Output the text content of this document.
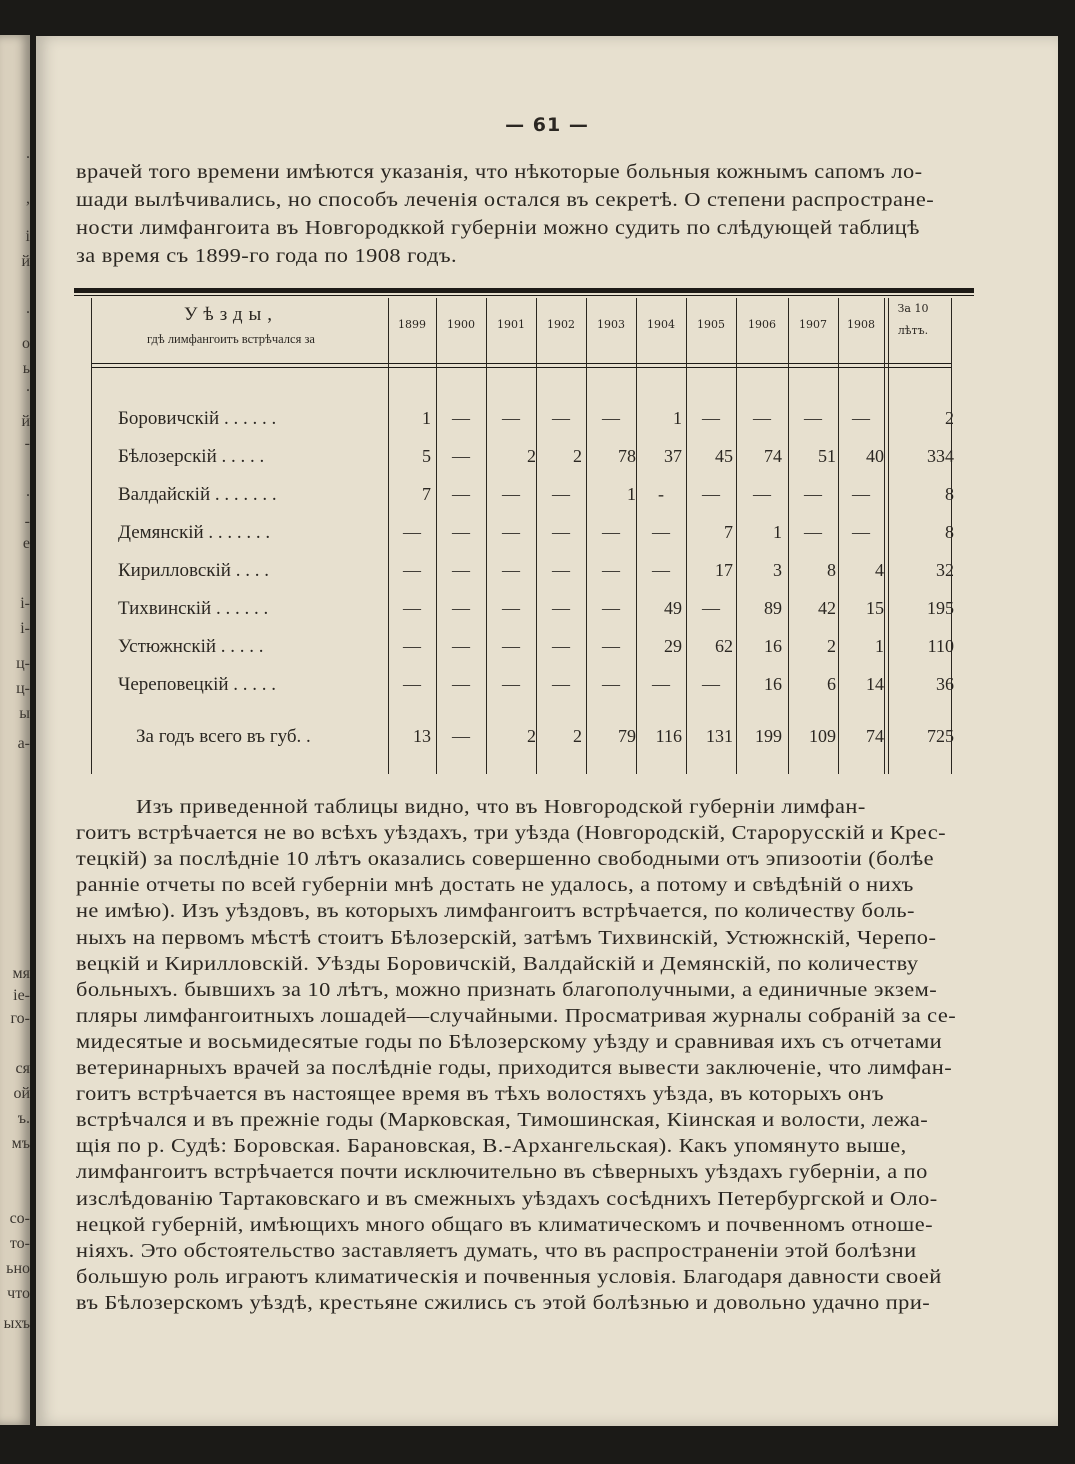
.
,
і
й
.
о
ь
.
й
-
.
-
е
і-
і-
ц-
ц-
ы
а-
мя
іе-
го-
ся
ой
ъ.
мъ
со-
то-
ьно
что
ыхъ
— 61 —

врачей того времени имѣются указанія, что нѣкоторые больныя кожнымъ сапомъ ло-

шади вылѣчивались, но способъ леченія остался въ секретѣ. О степени распростране-

ности лимфангоита въ Новгородккой губерніи можно судить по слѣдующей таблицѣ

за время съ 1899-го года по 1908 годъ.

Уѣзды,
гдѣ лимфангоитъ встрѣчался за
За 10
лѣтъ.
1899	1900	1901	1902	1903	1904	1905	1906	1907	1908
Боровичскій . . . . . .	1	—	—	—	—	1	—	—	—	—	2
Бѣлозерскій . . . . .	5	—	2 2 78 37 45 74 51 40 334
Валдайскій . . . . . . .	7	—	—	—	1	-	—	—	—	—	8
Демянскій . . . . . . .	—	—	—	—	—	—	7 1	—	—	8
Кирилловскій . . . .	—	—	—	—	—	—	17 3	8 4	32
Тихвинскій . . . . . .	—	—	—	—	—	49	—	89 42 15 195
Устюжнскій . . . . .	—	—	—	—	—	29 62 16	2 1 110
Череповецкій . . . . .	—	—	—	—	—	—	—	16	6 14	36
За годъ всего въ губ. .	13	—	2 2 79 116 131 199 109 74 725

Изъ приведенной таблицы видно, что въ Новгородской губерніи лимфан-

гоитъ встрѣчается не во всѣхъ уѣздахъ, три уѣзда (Новгородскій, Старорусскій и Крес-

тецкій) за послѣдніе 10 лѣтъ оказались совершенно свободными отъ эпизоотіи (болѣе

ранніе отчеты по всей губерніи мнѣ достать не удалось, а потому и свѣдѣній о нихъ

не имѣю). Изъ уѣздовъ, въ которыхъ лимфангоитъ встрѣчается, по количеству боль-

ныхъ на первомъ мѣстѣ стоитъ Бѣлозерскій, затѣмъ Тихвинскій, Устюжнскій, Черепо-

вецкій и Кирилловскій. Уѣзды Боровичскій, Валдайскій и Демянскій, по количеству

больныхъ. бывшихъ за 10 лѣтъ, можно признать благополучными, а единичные экзем-

пляры лимфангоитныхъ лошадей—случайными. Просматривая журналы собраній за се-

мидесятые и восьмидесятые годы по Бѣлозерскому уѣзду и сравнивая ихъ съ отчетами

ветеринарныхъ врачей за послѣдніе годы, приходится вывести заключеніе, что лимфан-

гоитъ встрѣчается въ настоящее время въ тѣхъ волостяхъ уѣзда, въ которыхъ онъ

встрѣчался и въ прежніе годы (Марковская, Тимошинская, Кіинская и волости, лежа-

щія по р. Судѣ: Боровская. Барановская, В.-Архангельская). Какъ упомянуто выше,

лимфангоитъ встрѣчается почти исключительно въ сѣверныхъ уѣздахъ губерніи, а по

изслѣдованію Тартаковскаго и въ смежныхъ уѣздахъ сосѣднихъ Петербургской и Оло-

нецкой губерній, имѣющихъ много общаго въ климатическомъ и почвенномъ отноше-

ніяхъ. Это обстоятельство заставляетъ думать, что въ распространеніи этой болѣзни

большую роль играютъ климатическія и почвенныя условія. Благодаря давности своей

въ Бѣлозерскомъ уѣздѣ, крестьяне сжились съ этой болѣзнью и довольно удачно при-
